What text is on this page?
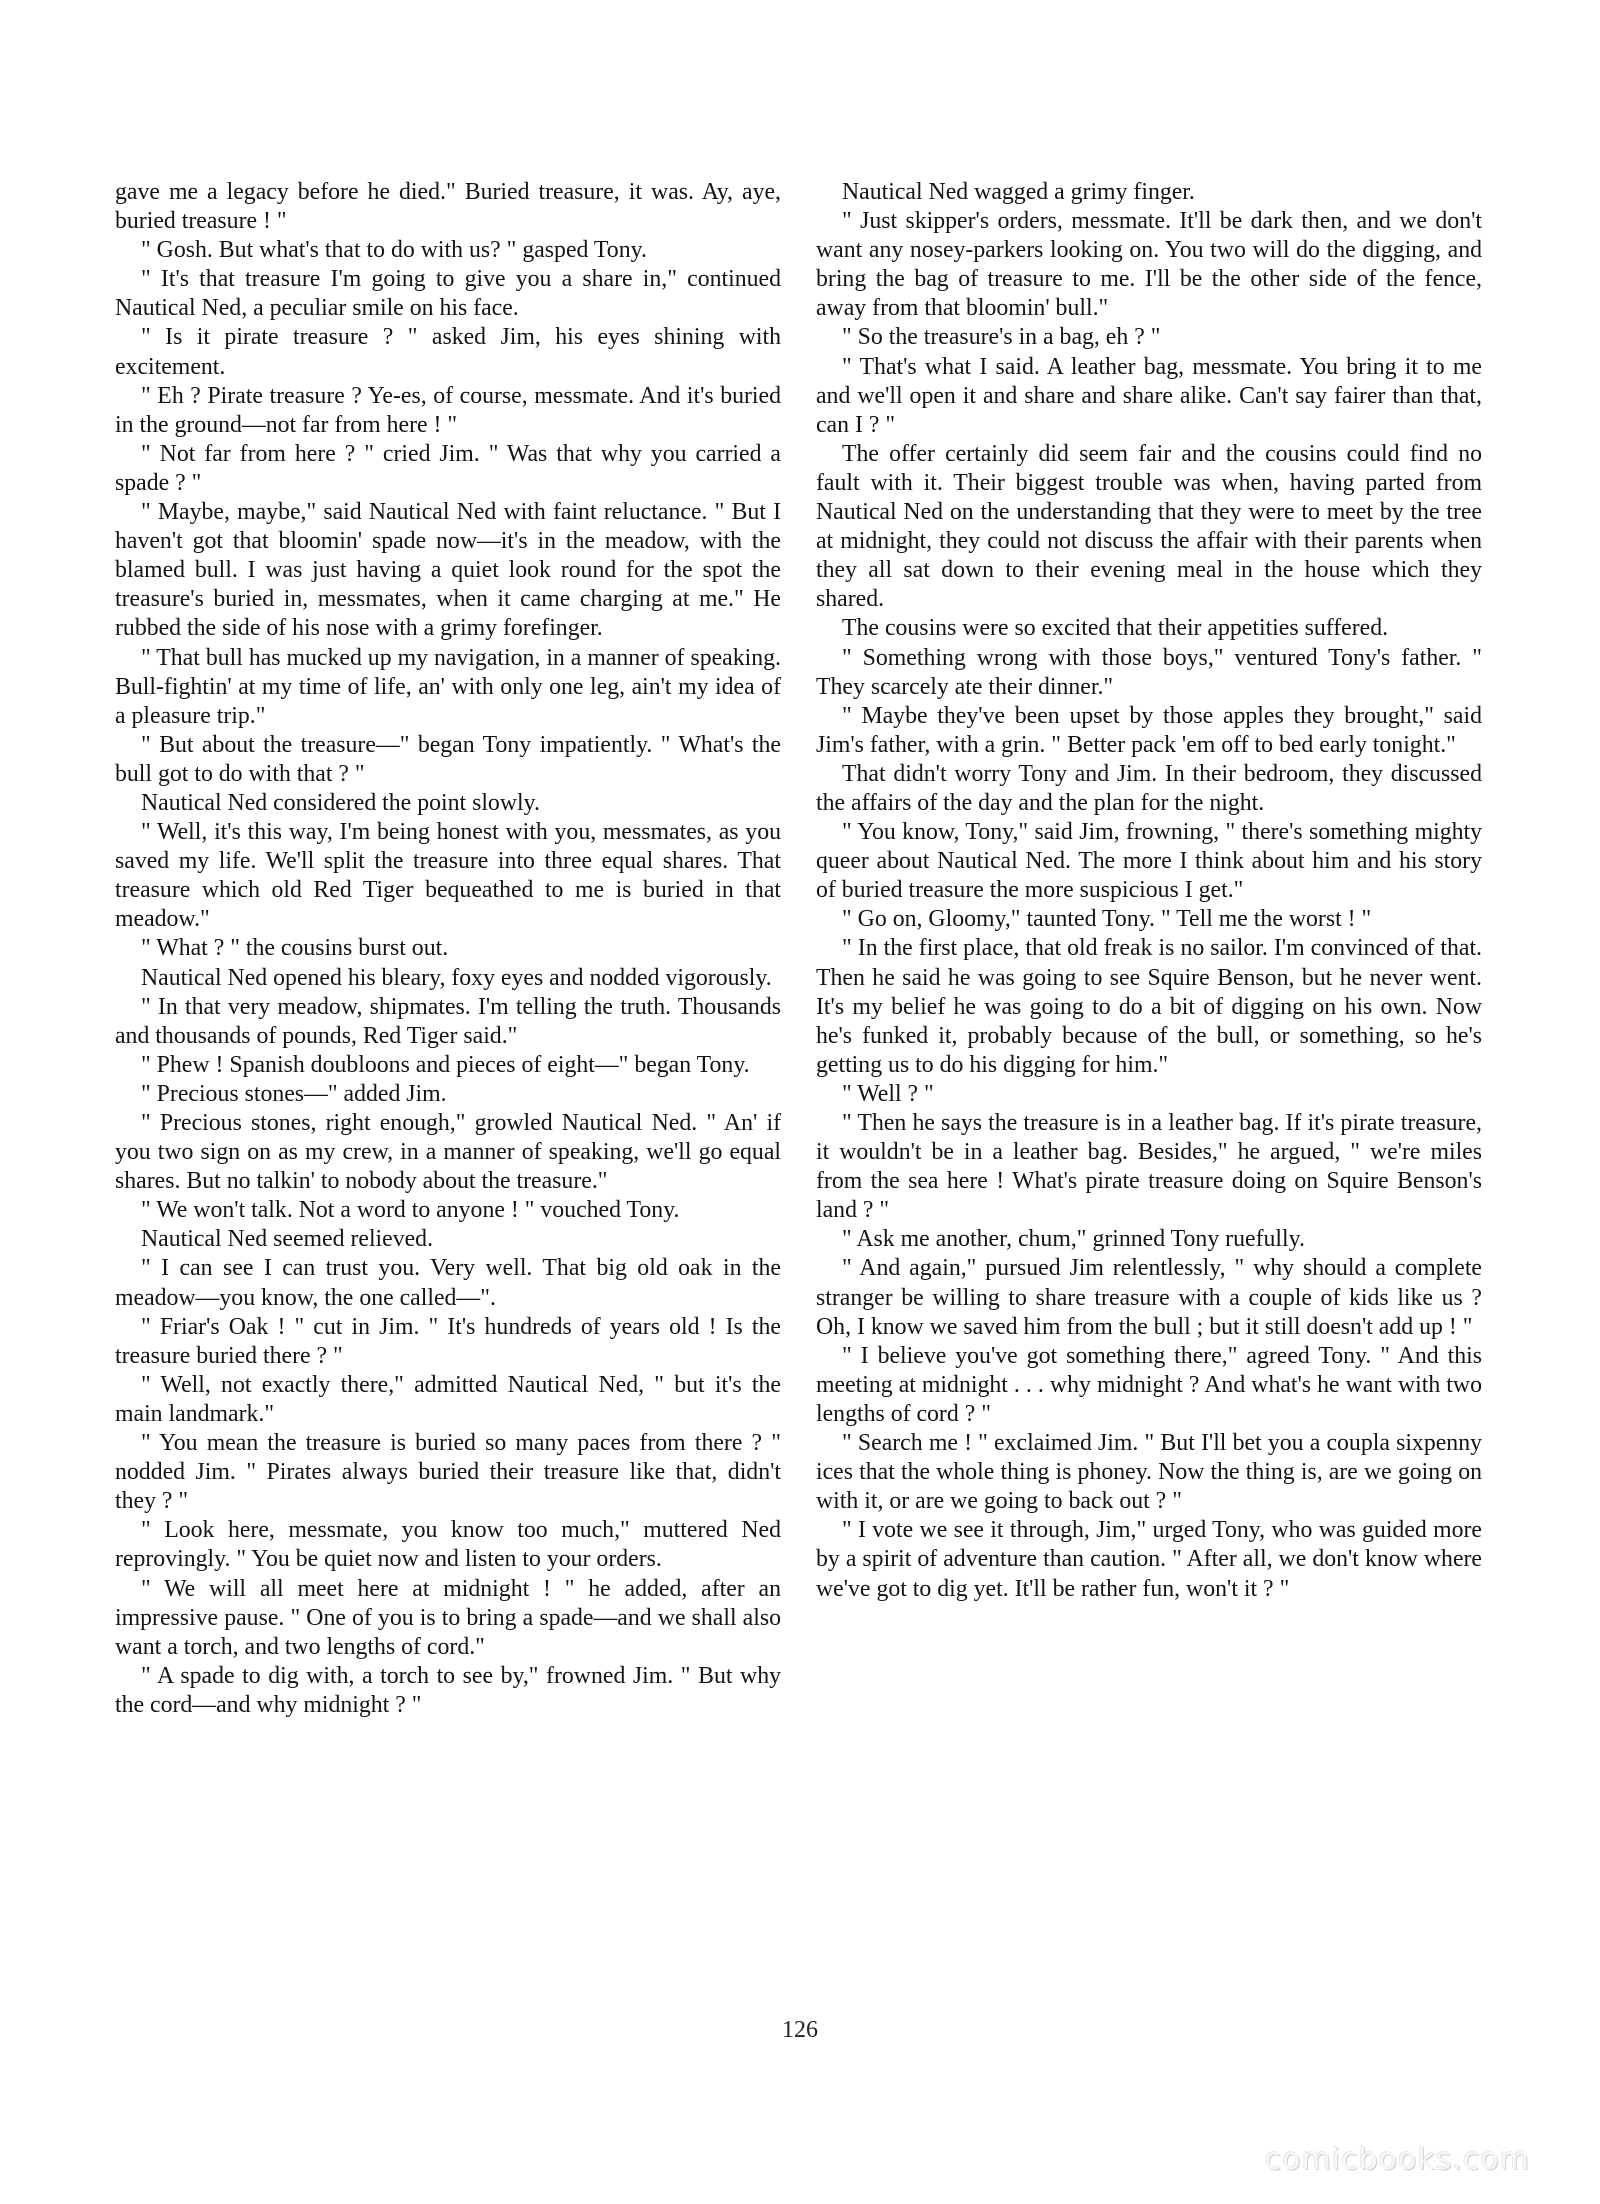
gave me a legacy before he died." Buried treasure, it was. Ay, aye, buried treasure ! "

" Gosh. But what's that to do with us? " gasped Tony.

" It's that treasure I'm going to give you a share in," continued Nautical Ned, a peculiar smile on his face.

" Is it pirate treasure ? " asked Jim, his eyes shining with excitement.

" Eh ? Pirate treasure ? Ye-es, of course, messmate. And it's buried in the ground—not far from here ! "

" Not far from here ? " cried Jim. " Was that why you carried a spade ? "

" Maybe, maybe," said Nautical Ned with faint reluctance. " But I haven't got that bloomin' spade now—it's in the meadow, with the blamed bull. I was just having a quiet look round for the spot the treasure's buried in, messmates, when it came charging at me." He rubbed the side of his nose with a grimy forefinger.

" That bull has mucked up my navigation, in a manner of speaking. Bull-fightin' at my time of life, an' with only one leg, ain't my idea of a pleasure trip."

" But about the treasure—" began Tony impatiently. " What's the bull got to do with that ? "

Nautical Ned considered the point slowly.

" Well, it's this way, I'm being honest with you, messmates, as you saved my life. We'll split the treasure into three equal shares. That treasure which old Red Tiger bequeathed to me is buried in that meadow."

" What ? " the cousins burst out.

Nautical Ned opened his bleary, foxy eyes and nodded vigorously.

" In that very meadow, shipmates. I'm telling the truth. Thousands and thousands of pounds, Red Tiger said."

" Phew ! Spanish doubloons and pieces of eight—" began Tony.

" Precious stones—" added Jim.

" Precious stones, right enough," growled Nautical Ned. " An' if you two sign on as my crew, in a manner of speaking, we'll go equal shares. But no talkin' to nobody about the treasure."

" We won't talk. Not a word to anyone ! " vouched Tony.

Nautical Ned seemed relieved.

" I can see I can trust you. Very well. That big old oak in the meadow—you know, the one called—".

" Friar's Oak ! " cut in Jim. " It's hundreds of years old ! Is the treasure buried there ? "

" Well, not exactly there," admitted Nautical Ned, " but it's the main landmark."

" You mean the treasure is buried so many paces from there ? " nodded Jim. " Pirates always buried their treasure like that, didn't they ? "

" Look here, messmate, you know too much," muttered Ned reprovingly. " You be quiet now and listen to your orders.

" We will all meet here at midnight ! " he added, after an impressive pause. " One of you is to bring a spade—and we shall also want a torch, and two lengths of cord."

" A spade to dig with, a torch to see by," frowned Jim. " But why the cord—and why midnight ? "

Nautical Ned wagged a grimy finger.

" Just skipper's orders, messmate. It'll be dark then, and we don't want any nosey-parkers looking on. You two will do the digging, and bring the bag of treasure to me. I'll be the other side of the fence, away from that bloomin' bull."

" So the treasure's in a bag, eh ? "

" That's what I said. A leather bag, messmate. You bring it to me and we'll open it and share and share alike. Can't say fairer than that, can I ? "

The offer certainly did seem fair and the cousins could find no fault with it. Their biggest trouble was when, having parted from Nautical Ned on the understanding that they were to meet by the tree at midnight, they could not discuss the affair with their parents when they all sat down to their evening meal in the house which they shared.

The cousins were so excited that their appetities suffered.

" Something wrong with those boys," ventured Tony's father. " They scarcely ate their dinner."

" Maybe they've been upset by those apples they brought," said Jim's father, with a grin. " Better pack 'em off to bed early tonight."

That didn't worry Tony and Jim. In their bedroom, they discussed the affairs of the day and the plan for the night.

" You know, Tony," said Jim, frowning, " there's something mighty queer about Nautical Ned. The more I think about him and his story of buried treasure the more suspicious I get."

" Go on, Gloomy," taunted Tony. " Tell me the worst ! "

" In the first place, that old freak is no sailor. I'm convinced of that. Then he said he was going to see Squire Benson, but he never went. It's my belief he was going to do a bit of digging on his own. Now he's funked it, probably because of the bull, or something, so he's getting us to do his digging for him."

" Well ? "

" Then he says the treasure is in a leather bag. If it's pirate treasure, it wouldn't be in a leather bag. Besides," he argued, " we're miles from the sea here ! What's pirate treasure doing on Squire Benson's land ? "

" Ask me another, chum," grinned Tony ruefully.

" And again," pursued Jim relentlessly, " why should a complete stranger be willing to share treasure with a couple of kids like us ? Oh, I know we saved him from the bull ; but it still doesn't add up ! "

" I believe you've got something there," agreed Tony. " And this meeting at midnight . . . why midnight ? And what's he want with two lengths of cord ? "

" Search me ! " exclaimed Jim. " But I'll bet you a coupla sixpenny ices that the whole thing is phoney. Now the thing is, are we going on with it, or are we going to back out ? "

" I vote we see it through, Jim," urged Tony, who was guided more by a spirit of adventure than caution. " After all, we don't know where we've got to dig yet. It'll be rather fun, won't it ? "

126
comicbooks.com
